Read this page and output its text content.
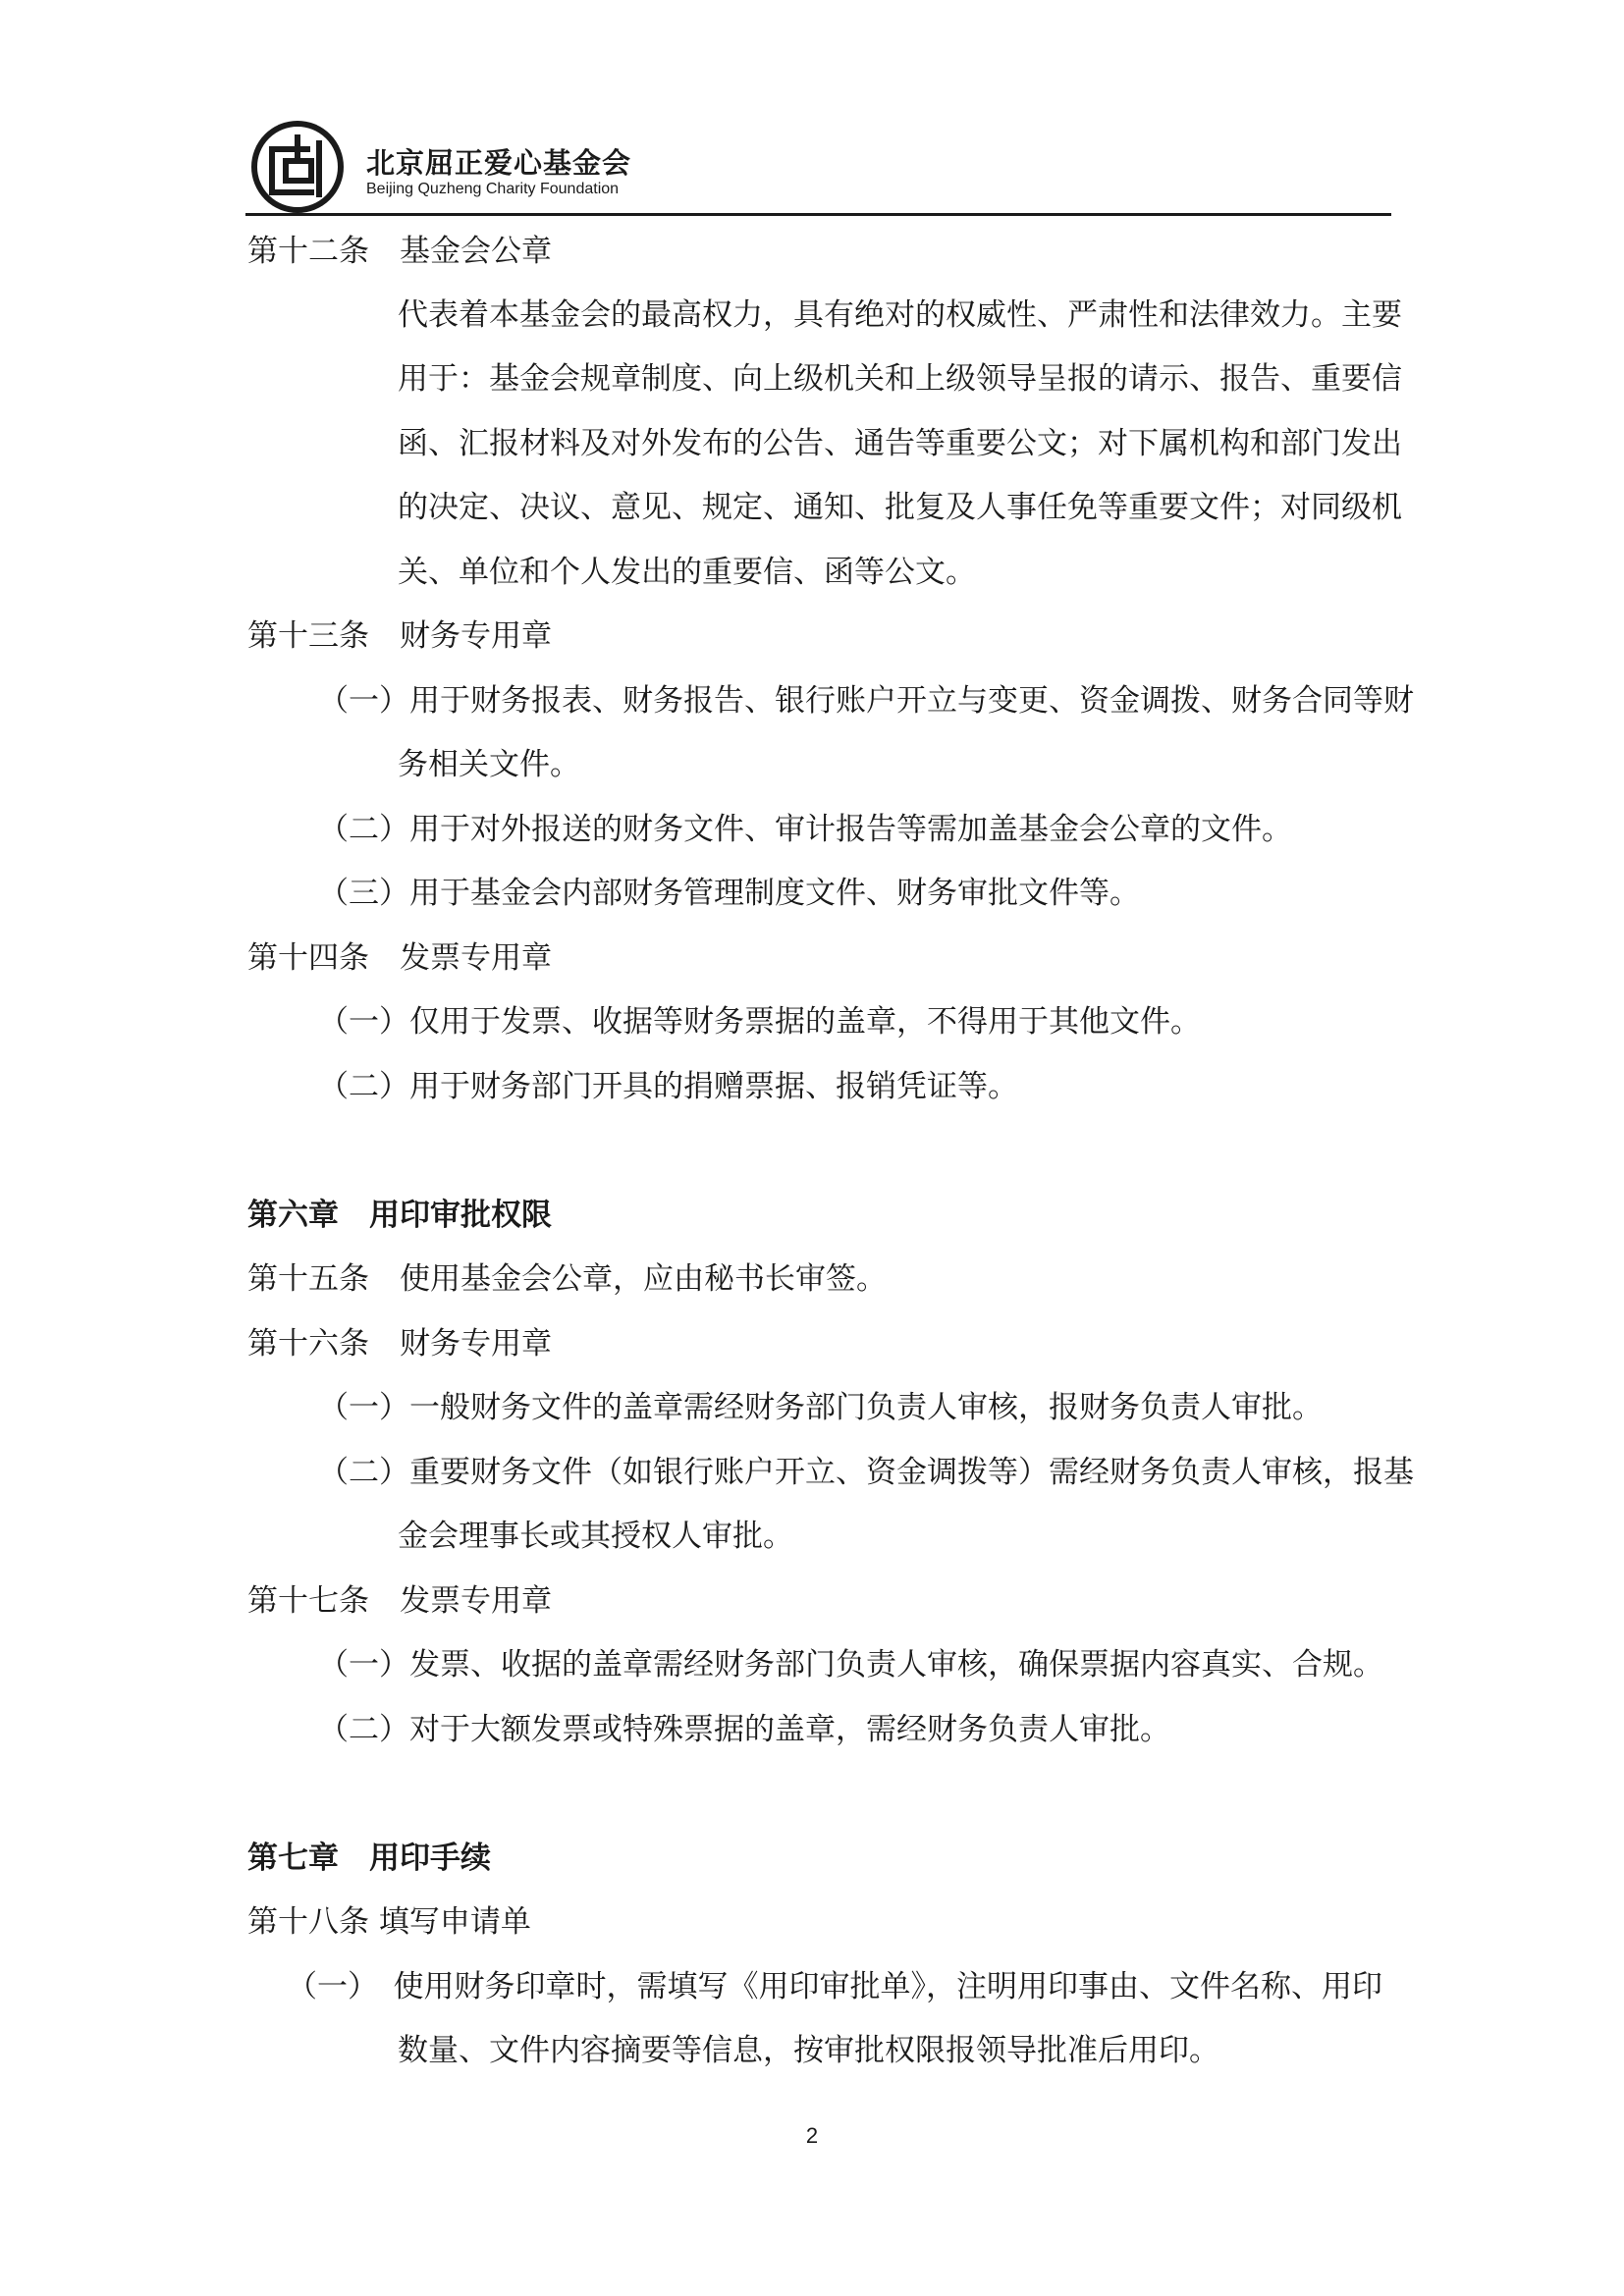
北京屈正爱心基金会
Beijing Quzheng Charity Foundation
第十二条　基金会公章
代表着本基金会的最高权力，具有绝对的权威性、严肃性和法律效力。主要
用于：基金会规章制度、向上级机关和上级领导呈报的请示、报告、重要信
函、汇报材料及对外发布的公告、通告等重要公文；对下属机构和部门发出
的决定、决议、意见、规定、通知、批复及人事任免等重要文件；对同级机
关、单位和个人发出的重要信、函等公文。
第十三条　财务专用章
（一）用于财务报表、财务报告、银行账户开立与变更、资金调拨、财务合同等财
务相关文件。
（二）用于对外报送的财务文件、审计报告等需加盖基金会公章的文件。
（三）用于基金会内部财务管理制度文件、财务审批文件等。
第十四条　发票专用章
（一）仅用于发票、收据等财务票据的盖章，不得用于其他文件。
（二）用于财务部门开具的捐赠票据、报销凭证等。
第六章　用印审批权限
第十五条　使用基金会公章，应由秘书长审签。
第十六条　财务专用章
（一）一般财务文件的盖章需经财务部门负责人审核，报财务负责人审批。
（二）重要财务文件（如银行账户开立、资金调拨等）需经财务负责人审核，报基
金会理事长或其授权人审批。
第十七条　发票专用章
（一）发票、收据的盖章需经财务部门负责人审核，确保票据内容真实、合规。
（二）对于大额发票或特殊票据的盖章，需经财务负责人审批。
第七章　用印手续
第十八条 填写申请单
（一）　使用财务印章时，需填写《用印审批单》，注明用印事由、文件名称、用印
数量、文件内容摘要等信息，按审批权限报领导批准后用印。
2
